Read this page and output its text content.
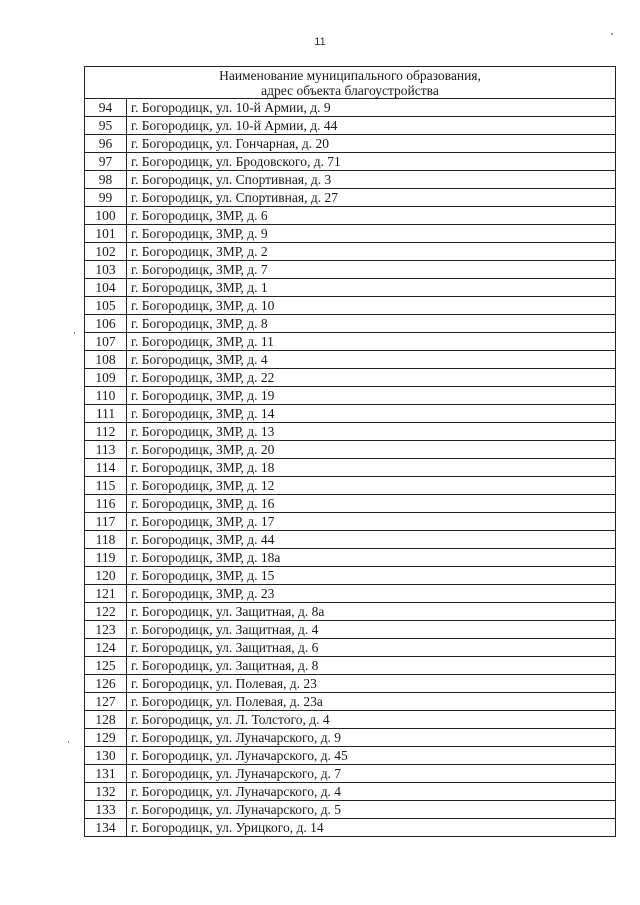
11
Наименование муниципального образования,
адрес объекта благоустройства	

94	г. Богородицк, ул. 10-й Армии, д. 9
95	г. Богородицк, ул. 10-й Армии, д. 44
96	г. Богородицк, ул. Гончарная, д. 20
97	г. Богородицк, ул. Бродовского, д. 71
98	г. Богородицк, ул. Спортивная, д. 3
99	г. Богородицк, ул. Спортивная, д. 27
100	г. Богородицк, ЗМР, д. 6
101	г. Богородицк, ЗМР, д. 9
102	г. Богородицк, ЗМР, д. 2
103	г. Богородицк, ЗМР, д. 7
104	г. Богородицк, ЗМР, д. 1
105	г. Богородицк, ЗМР, д. 10
106	г. Богородицк, ЗМР, д. 8
107	г. Богородицк, ЗМР, д. 11
108	г. Богородицк, ЗМР, д. 4
109	г. Богородицк, ЗМР, д. 22
110	г. Богородицк, ЗМР, д. 19
111	г. Богородицк, ЗМР, д. 14
112	г. Богородицк, ЗМР, д. 13
113	г. Богородицк, ЗМР, д. 20
114	г. Богородицк, ЗМР, д. 18
115	г. Богородицк, ЗМР, д. 12
116	г. Богородицк, ЗМР, д. 16
117	г. Богородицк, ЗМР, д. 17
118	г. Богородицк, ЗМР, д. 44
119	г. Богородицк, ЗМР, д. 18а
120	г. Богородицк, ЗМР, д. 15
121	г. Богородицк, ЗМР, д. 23
122	г. Богородицк, ул. Защитная, д. 8а
123	г. Богородицк, ул. Защитная, д. 4
124	г. Богородицк, ул. Защитная, д. 6
125	г. Богородицк, ул. Защитная, д. 8
126	г. Богородицк, ул. Полевая, д. 23
127	г. Богородицк, ул. Полевая, д. 23а
128	г. Богородицк, ул. Л. Толстого, д. 4
129	г. Богородицк, ул. Луначарского, д. 9
130	г. Богородицк, ул. Луначарского, д. 45
131	г. Богородицк, ул. Луначарского, д. 7
132	г. Богородицк, ул. Луначарского, д. 4
133	г. Богородицк, ул. Луначарского, д. 5
134	г. Богородицк, ул. Урицкого, д. 14
